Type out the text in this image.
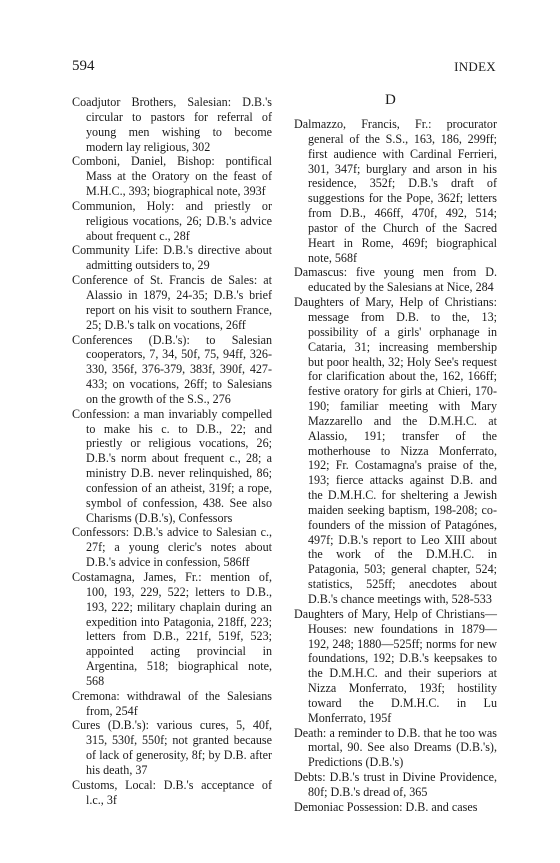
594	INDEX

Coadjutor Brothers, Salesian: D.B.'s circular to pastors for referral of young men wishing to become modern lay religious, 302

Comboni, Daniel, Bishop: pontifical Mass at the Oratory on the feast of M.H.C., 393; biographical note, 393f

Communion, Holy: and priestly or religious vocations, 26; D.B.'s advice about frequent c., 28f

Community Life: D.B.'s directive about admitting outsiders to, 29

Conference of St. Francis de Sales: at Alassio in 1879, 24-35; D.B.'s brief report on his visit to southern France, 25; D.B.'s talk on vocations, 26ff

Conferences (D.B.'s): to Salesian cooperators, 7, 34, 50f, 75, 94ff, 326-330, 356f, 376-379, 383f, 390f, 427-433; on vocations, 26ff; to Salesians on the growth of the S.S., 276

Confession: a man invariably compelled to make his c. to D.B., 22; and priestly or religious vocations, 26; D.B.'s norm about frequent c., 28; a ministry D.B. never relinquished, 86; confession of an atheist, 319f; a rope, symbol of confession, 438. See also Charisms (D.B.'s), Confessors

Confessors: D.B.'s advice to Salesian c., 27f; a young cleric's notes about D.B.'s advice in confession, 586ff

Costamagna, James, Fr.: mention of, 100, 193, 229, 522; letters to D.B., 193, 222; military chaplain during an expedition into Patagonia, 218ff, 223; letters from D.B., 221f, 519f, 523; appointed acting provincial in Argentina, 518; biographical note, 568

Cremona: withdrawal of the Salesians from, 254f

Cures (D.B.'s): various cures, 5, 40f, 315, 530f, 550f; not granted because of lack of generosity, 8f; by D.B. after his death, 37

Customs, Local: D.B.'s acceptance of l.c., 3f

D

Dalmazzo, Francis, Fr.: procurator general of the S.S., 163, 186, 299ff; first audience with Cardinal Ferrieri, 301, 347f; burglary and arson in his residence, 352f; D.B.'s draft of suggestions for the Pope, 362f; letters from D.B., 466ff, 470f, 492, 514; pastor of the Church of the Sacred Heart in Rome, 469f; biographical note, 568f

Damascus: five young men from D. educated by the Salesians at Nice, 284

Daughters of Mary, Help of Christians: message from D.B. to the, 13; possibility of a girls' orphanage in Cataria, 31; increasing membership but poor health, 32; Holy See's request for clarification about the, 162, 166ff; festive oratory for girls at Chieri, 170-190; familiar meeting with Mary Mazzarello and the D.M.H.C. at Alassio, 191; transfer of the motherhouse to Nizza Monferrato, 192; Fr. Costamagna's praise of the, 193; fierce attacks against D.B. and the D.M.H.C. for sheltering a Jewish maiden seeking baptism, 198-208; co-founders of the mission of Patagónes, 497f; D.B.'s report to Leo XIII about the work of the D.M.H.C. in Patagonia, 503; general chapter, 524; statistics, 525ff; anecdotes about D.B.'s chance meetings with, 528-533

Daughters of Mary, Help of Christians—Houses: new foundations in 1879—192, 248; 1880—525ff; norms for new foundations, 192; D.B.'s keepsakes to the D.M.H.C. and their superiors at Nizza Monferrato, 193f; hostility toward the D.M.H.C. in Lu Monferrato, 195f

Death: a reminder to D.B. that he too was mortal, 90. See also Dreams (D.B.'s), Predictions (D.B.'s)

Debts: D.B.'s trust in Divine Providence, 80f; D.B.'s dread of, 365

Demoniac Possession: D.B. and cases
